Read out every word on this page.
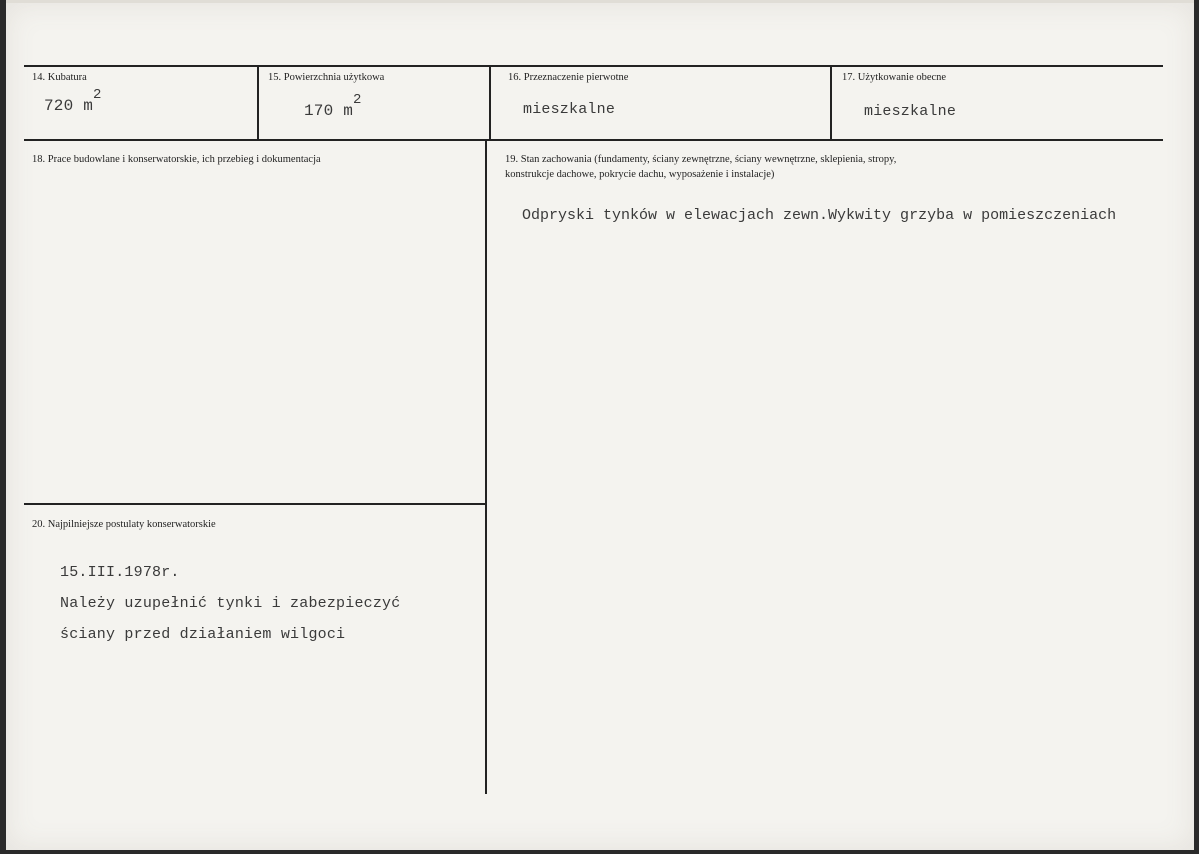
14. Kubatura
720 m2
15. Powierzchnia użytkowa
170 m2
16. Przeznaczenie pierwotne
mieszkalne
17. Użytkowanie obecne
mieszkalne
18. Prace budowlane i konserwatorskie, ich przebieg i dokumentacja	19. Stan zachowania (fundamenty, ściany zewnętrzne, ściany wewnętrzne, sklepienia, stropy,
konstrukcje dachowe, pokrycie dachu, wyposażenie i instalacje)
Odpryski tynków w elewacjach zewn.Wykwity grzyba w pomieszczeniach
20. Najpilniejsze postulaty konserwatorskie
15.III.1978r.
Należy uzupełnić tynki i zabezpieczyć
ściany przed działaniem wilgoci
